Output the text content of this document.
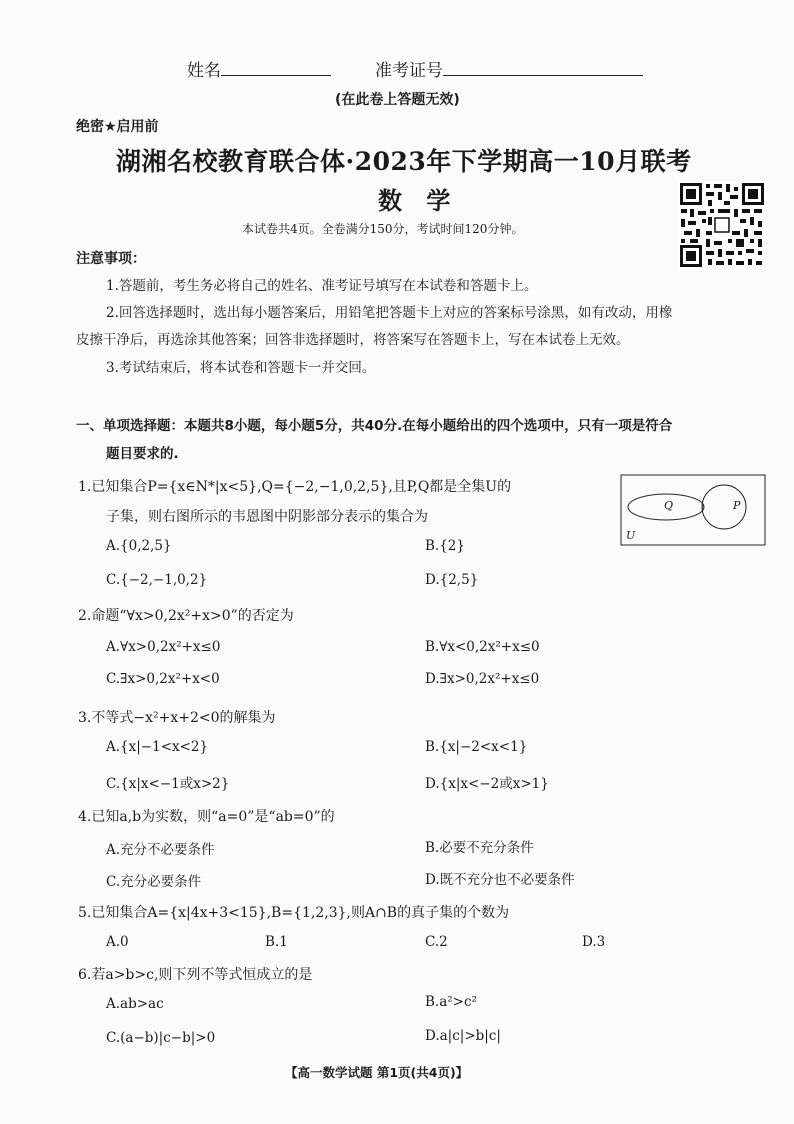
姓名	准考证号
(在此卷上答题无效)
绝密★启用前
湖湘名校教育联合体·2023年下学期高一10月联考
数 学
本试卷共4页。全卷满分150分，考试时间120分钟。
注意事项：
1.答题前，考生务必将自己的姓名、准考证号填写在本试卷和答题卡上。
2.回答选择题时，选出每小题答案后，用铅笔把答题卡上对应的答案标号涂黑，如有改动，用橡
皮擦干净后，再选涂其他答案；回答非选择题时，将答案写在答题卡上，写在本试卷上无效。
3.考试结束后，将本试卷和答题卡一并交回。
一、单项选择题：本题共8小题，每小题5分，共40分.在每小题给出的四个选项中，只有一项是符合
题目要求的.
1.已知集合P={x∈N*|x<5},Q={−2,−1,0,2,5},且P,Q都是全集U的
子集，则右图所示的韦恩图中阴影部分表示的集合为
A.{0,2,5}	B.{2}
C.{−2,−1,0,2}	D.{2,5}
Q	P
U
2.命题“∀x>0,2x²+x>0”的否定为
A.∀x>0,2x²+x≤0	B.∀x<0,2x²+x≤0
C.∃x>0,2x²+x<0	D.∃x>0,2x²+x≤0
3.不等式−x²+x+2<0的解集为
A.{x|−1<x<2}	B.{x|−2<x<1}
C.{x|x<−1或x>2}	D.{x|x<−2或x>1}
4.已知a,b为实数，则“a=0”是“ab=0”的
A.充分不必要条件	B.必要不充分条件
C.充分必要条件	D.既不充分也不必要条件
5.已知集合A={x|4x+3<15},B={1,2,3},则A∩B的真子集的个数为
A.0	B.1	C.2	D.3
6.若a>b>c,则下列不等式恒成立的是
A.ab>ac	B.a²>c²
C.(a−b)|c−b|>0	D.a|c|>b|c|
【高一数学试题 第1页(共4页)】
